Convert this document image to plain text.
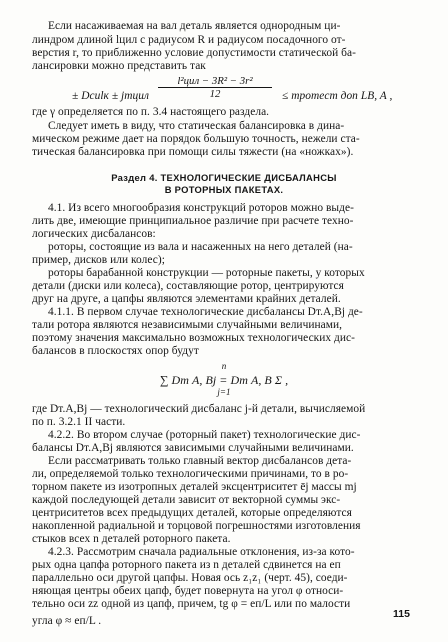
Если насаживаемая на вал деталь является однородным ци-
линдром длиной lцил с радиусом R и радиусом посадочного от-
верстия r, то приближенно условие допустимости статической ба-
лансировки можно представить так
± Dсиlк ± jmцил
l²цил − 3R² − 3r²
12	≤ mротeст доп LB, A ,
где γ определяется по п. 3.4 настоящего раздела.
Следует иметь в виду, что статическая балансировка в дина-
мическом режиме дает на порядок большую точность, нежели ста-
тическая балансировка при помощи силы тяжести (на «ножках»).
Раздел 4. ТЕХНОЛОГИЧЕСКИЕ ДИСБАЛАНСЫ
В РОТОРНЫХ ПАКЕТАХ.
4.1. Из всего многообразия конструкций роторов можно выде-
лить две, имеющие принципиальное различие при расчете техно-
логических дисбалансов:
роторы, состоящие из вала и насаженных на него деталей (на-
пример, дисков или колес);
роторы барабанной конструкции — роторные пакеты, у которых
детали (диски или колеса), составляющие ротор, центрируются
друг на друге, а цапфы являются элементами крайних деталей.
4.1.1. В первом случае технологические дисбалансы Dт.A,Bj де-
тали ротора являются независимыми случайными величинами,
поэтому значения максимально возможных технологических дис-
балансов в плоскостях опор будут
n
∑ Dт A, Bj = Dт A, B Σ ,
j=1
где Dт.A,Bj — технологический дисбаланс j-й детали, вычисляемой
по п. 3.2.1 II части.
4.2.2. Во втором случае (роторный пакет) технологические дис-
балансы Dт.A,Bj являются зависимыми случайными величинами.
Если рассматривать только главный вектор дисбалансов дета-
ли, определяемой только технологическими причинами, то в ро-
торном пакете из изотропных деталей эксцентриситет ēj массы mj
каждой последующей детали зависит от векторной суммы экс-
центриситетов всех предыдущих деталей, которые определяются
накопленной радиальной и торцовой погрешностями изготовления
стыков всех n деталей роторного пакета.
4.2.3. Рассмотрим сначала радиальные отклонения, из-за кото-
рых одна цапфа роторного пакета из n деталей сдвинется на eп
параллельно оси другой цапфы. Новая ось z₁z₁ (черт. 45), соеди-
няющая центры обеих цапф, будет повернута на угол φ относи-
тельно оси zz одной из цапф, причем, tg φ = eп/L или по малости
угла φ ≈ eп/L .
115
